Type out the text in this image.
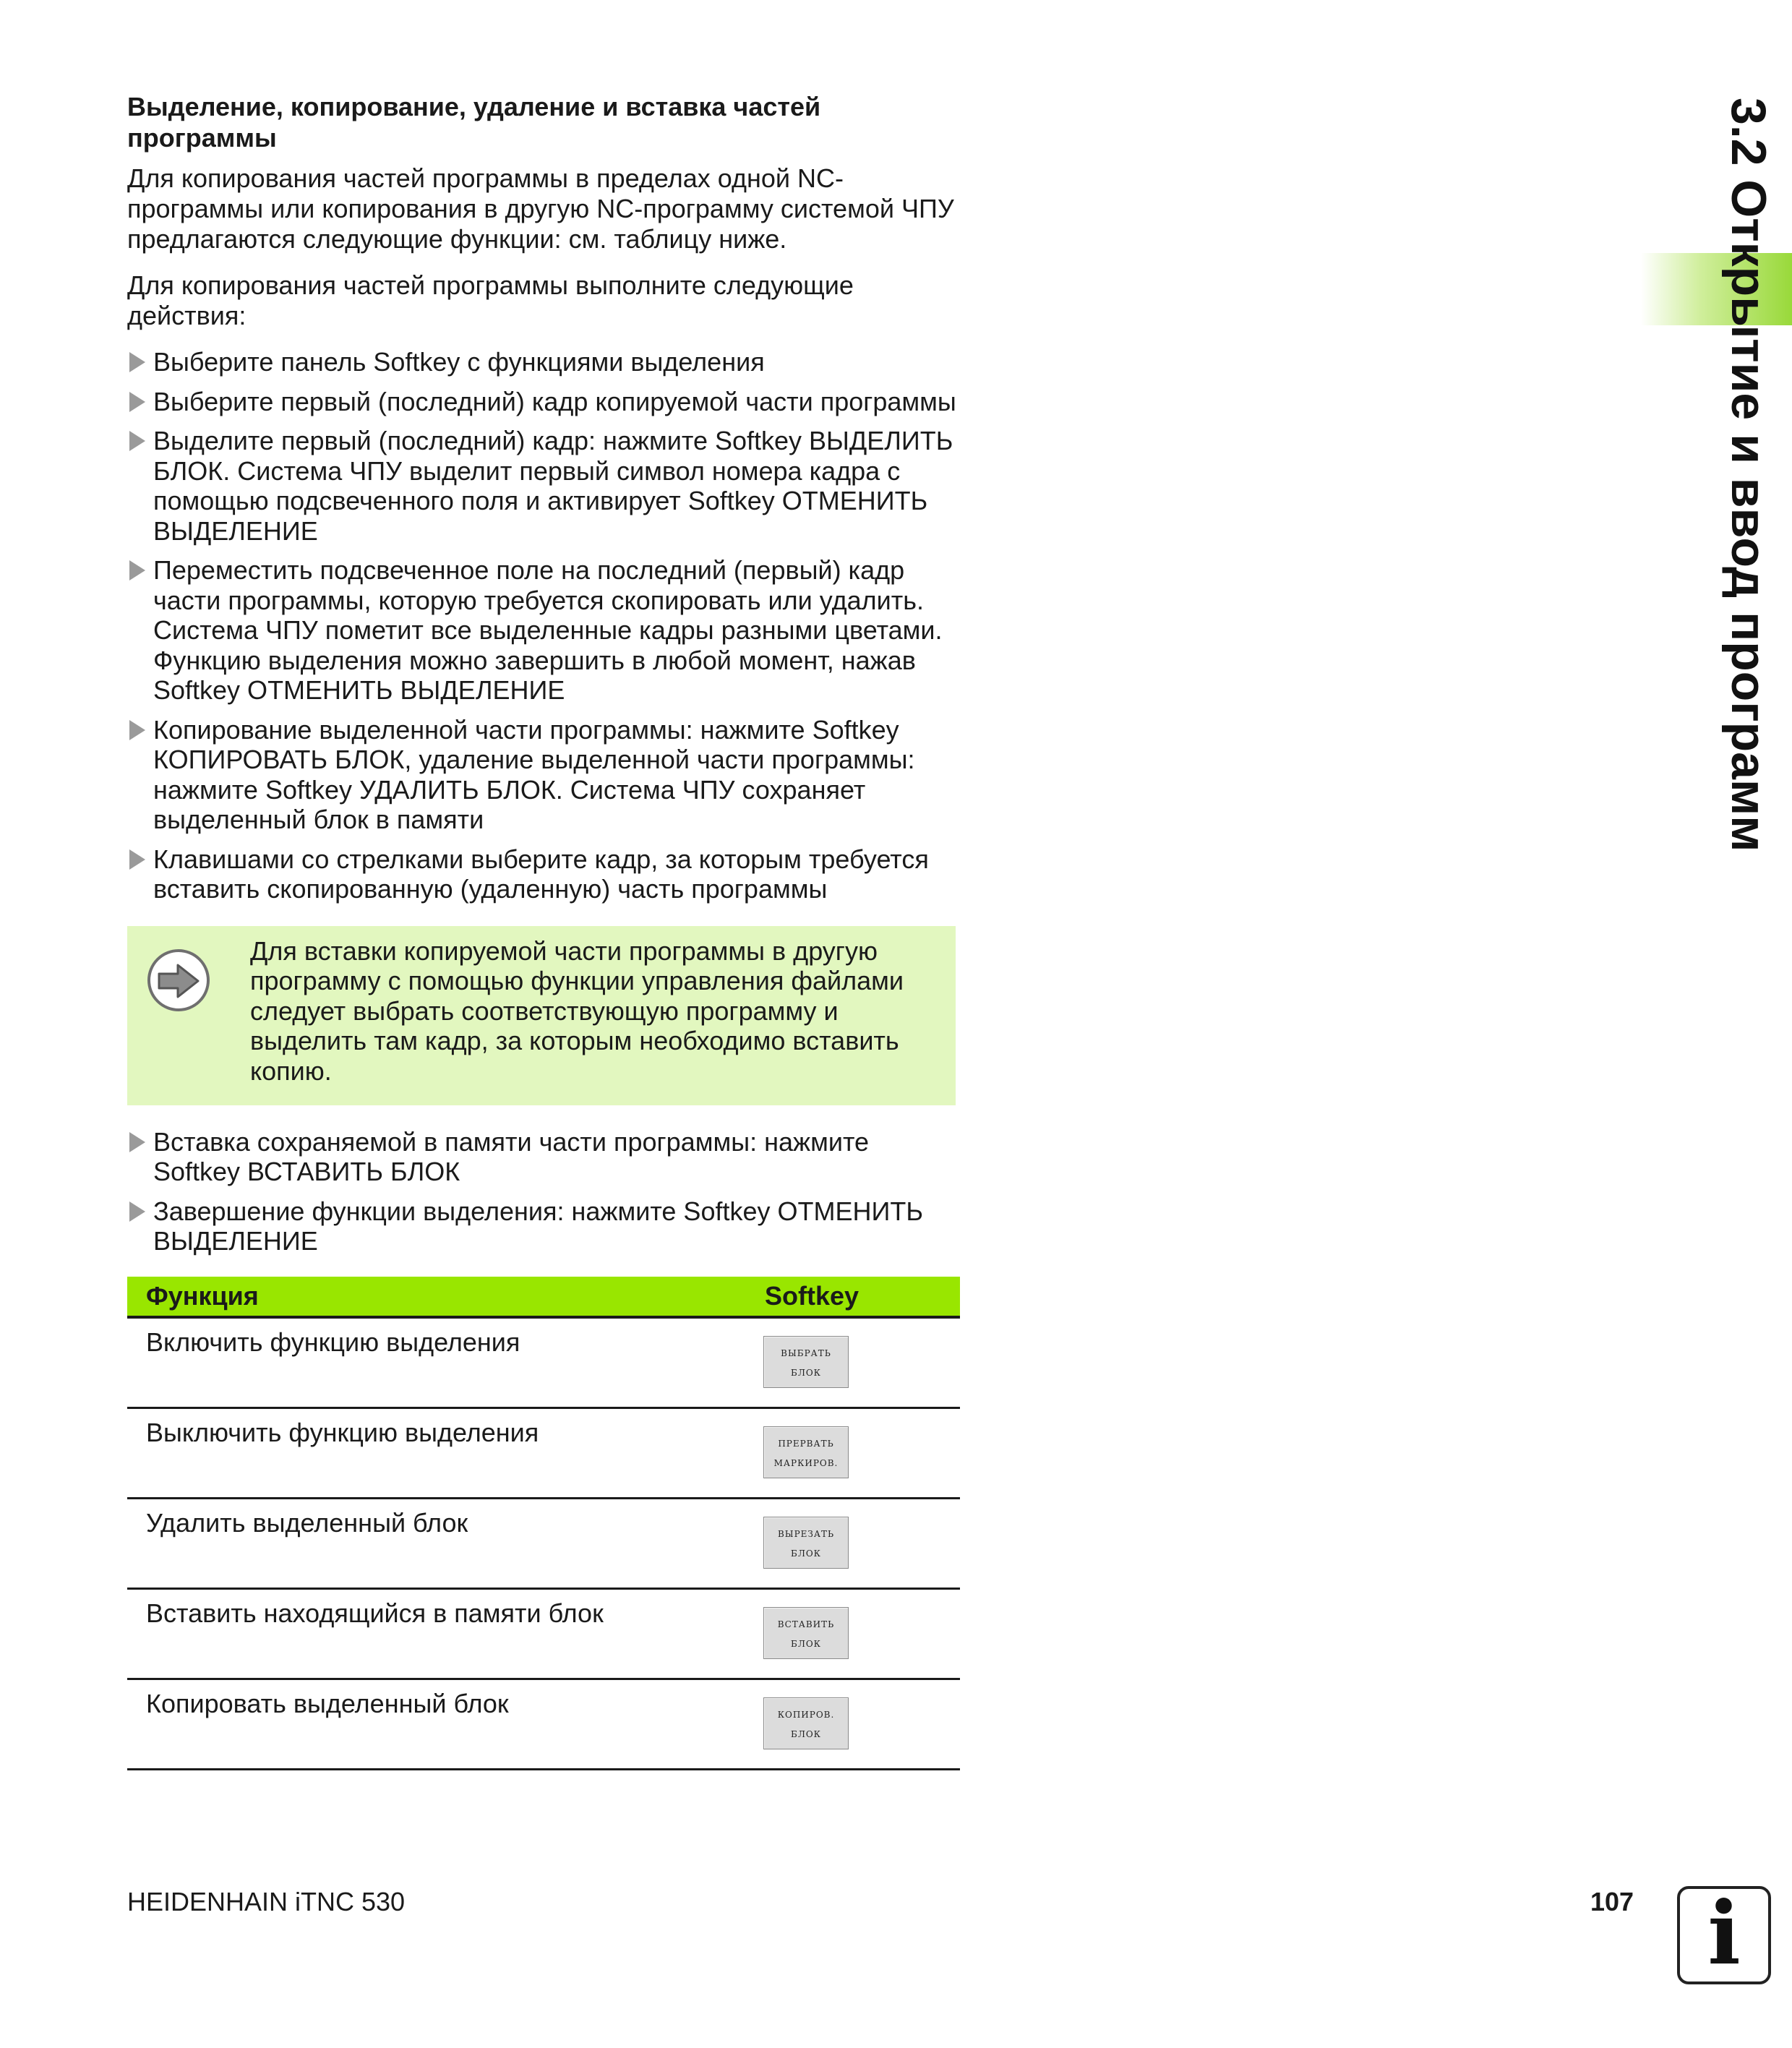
3.2 Открытие и ввод программ
Выделение, копирование, удаление и вставка частей программы

Для копирования частей программы в пределах одной NC-программы или копирования в другую NC-программу системой ЧПУ предлагаются следующие функции: см. таблицу ниже.

Для копирования частей программы выполните следующие действия:

Выберите панель Softkey с функциями выделения
Выберите первый (последний) кадр копируемой части программы
Выделите первый (последний) кадр: нажмите Softkey ВЫДЕЛИТЬ БЛОК. Система ЧПУ выделит первый символ номера кадра с помощью подсвеченного поля и активирует Softkey ОТМЕНИТЬ ВЫДЕЛЕНИЕ
Переместить подсвеченное поле на последний (первый) кадр части программы, которую требуется скопировать или удалить. Система ЧПУ пометит все выделенные кадры разными цветами. Функцию выделения можно завершить в любой момент, нажав Softkey ОТМЕНИТЬ ВЫДЕЛЕНИЕ
Копирование выделенной части программы: нажмите Softkey КОПИРОВАТЬ БЛОК, удаление выделенной части программы: нажмите Softkey УДАЛИТЬ БЛОК. Система ЧПУ сохраняет выделенный блок в памяти
Клавишами со стрелками выберите кадр, за которым требуется вставить скопированную (удаленную) часть программы
Для вставки копируемой части программы в другую программу с помощью функции управления файлами следует выбрать соответствующую программу и выделить там кадр, за которым необходимо вставить копию.
Вставка сохраняемой в памяти части программы: нажмите Softkey ВСТАВИТЬ БЛОК
Завершение функции выделения: нажмите Softkey ОТМЕНИТЬ ВЫДЕЛЕНИЕ
Функция	Softkey
Включить функцию выделения	ВЫБРАТЬ
БЛОК
Выключить функцию выделения	ПРЕРВАТЬ
МАРКИРОВ.
Удалить выделенный блок	ВЫРЕЗАТЬ
БЛОК
Вставить находящийся в памяти блок	ВСТАВИТЬ
БЛОК
Копировать выделенный блок	КОПИРОВ.
БЛОК
HEIDENHAIN iTNC 530	107 i
